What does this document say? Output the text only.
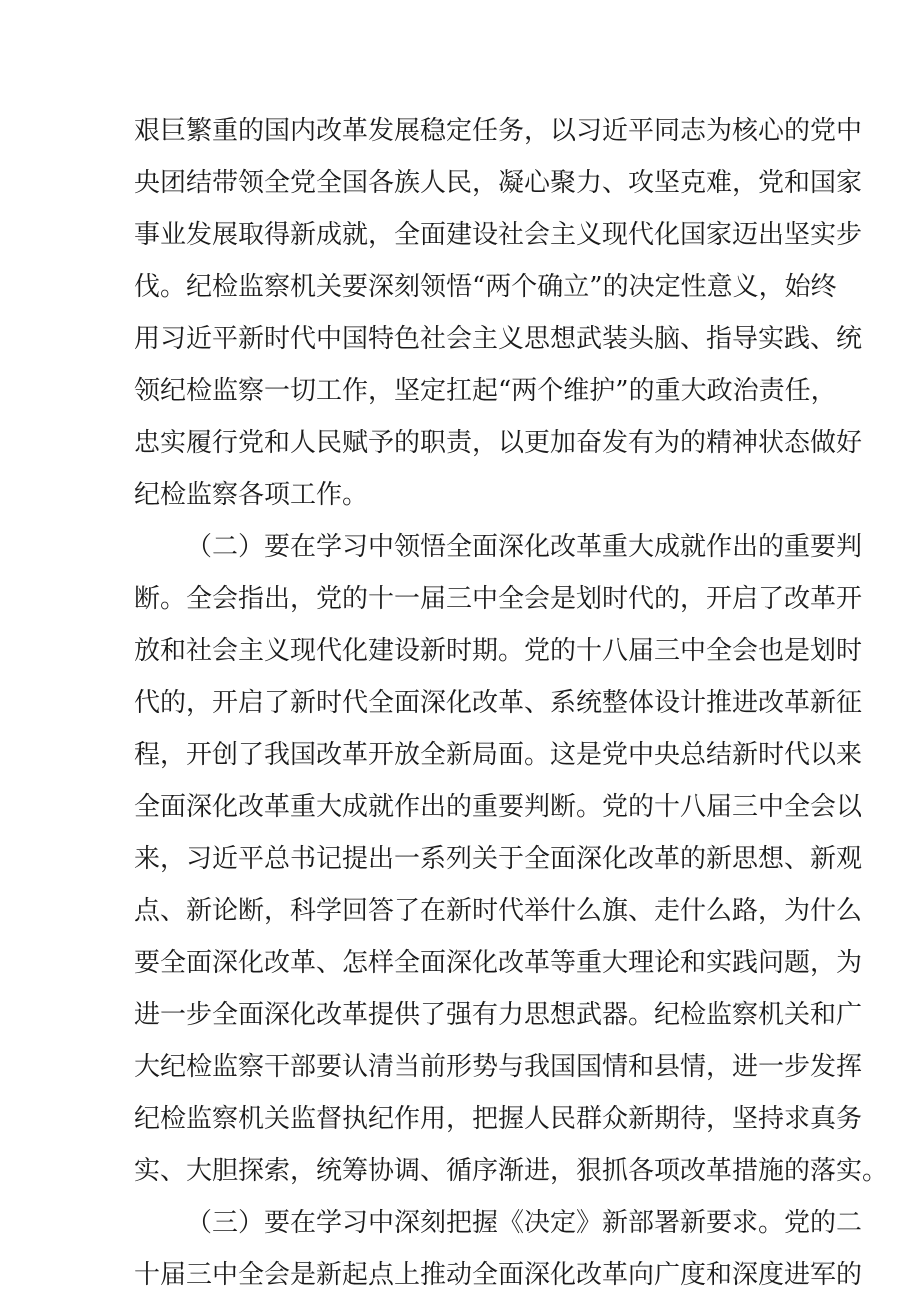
艰巨繁重的国内改革发展稳定任务，以习近平同志为核心的党中
央团结带领全党全国各族人民，凝心聚力、攻坚克难，党和国家
事业发展取得新成就，全面建设社会主义现代化国家迈出坚实步
伐。纪检监察机关要深刻领悟“两个确立”的决定性意义，始终
用习近平新时代中国特色社会主义思想武装头脑、指导实践、统
领纪检监察一切工作，坚定扛起“两个维护”的重大政治责任，
忠实履行党和人民赋予的职责，以更加奋发有为的精神状态做好
纪检监察各项工作。
（二）要在学习中领悟全面深化改革重大成就作出的重要判
断。全会指出，党的十一届三中全会是划时代的，开启了改革开
放和社会主义现代化建设新时期。党的十八届三中全会也是划时
代的，开启了新时代全面深化改革、系统整体设计推进改革新征
程，开创了我国改革开放全新局面。这是党中央总结新时代以来
全面深化改革重大成就作出的重要判断。党的十八届三中全会以
来，习近平总书记提出一系列关于全面深化改革的新思想、新观
点、新论断，科学回答了在新时代举什么旗、走什么路，为什么
要全面深化改革、怎样全面深化改革等重大理论和实践问题，为
进一步全面深化改革提供了强有力思想武器。纪检监察机关和广
大纪检监察干部要认清当前形势与我国国情和县情，进一步发挥
纪检监察机关监督执纪作用，把握人民群众新期待，坚持求真务
实、大胆探索，统筹协调、循序渐进，狠抓各项改革措施的落实。
（三）要在学习中深刻把握《决定》新部署新要求。党的二
十届三中全会是新起点上推动全面深化改革向广度和深度进军的
